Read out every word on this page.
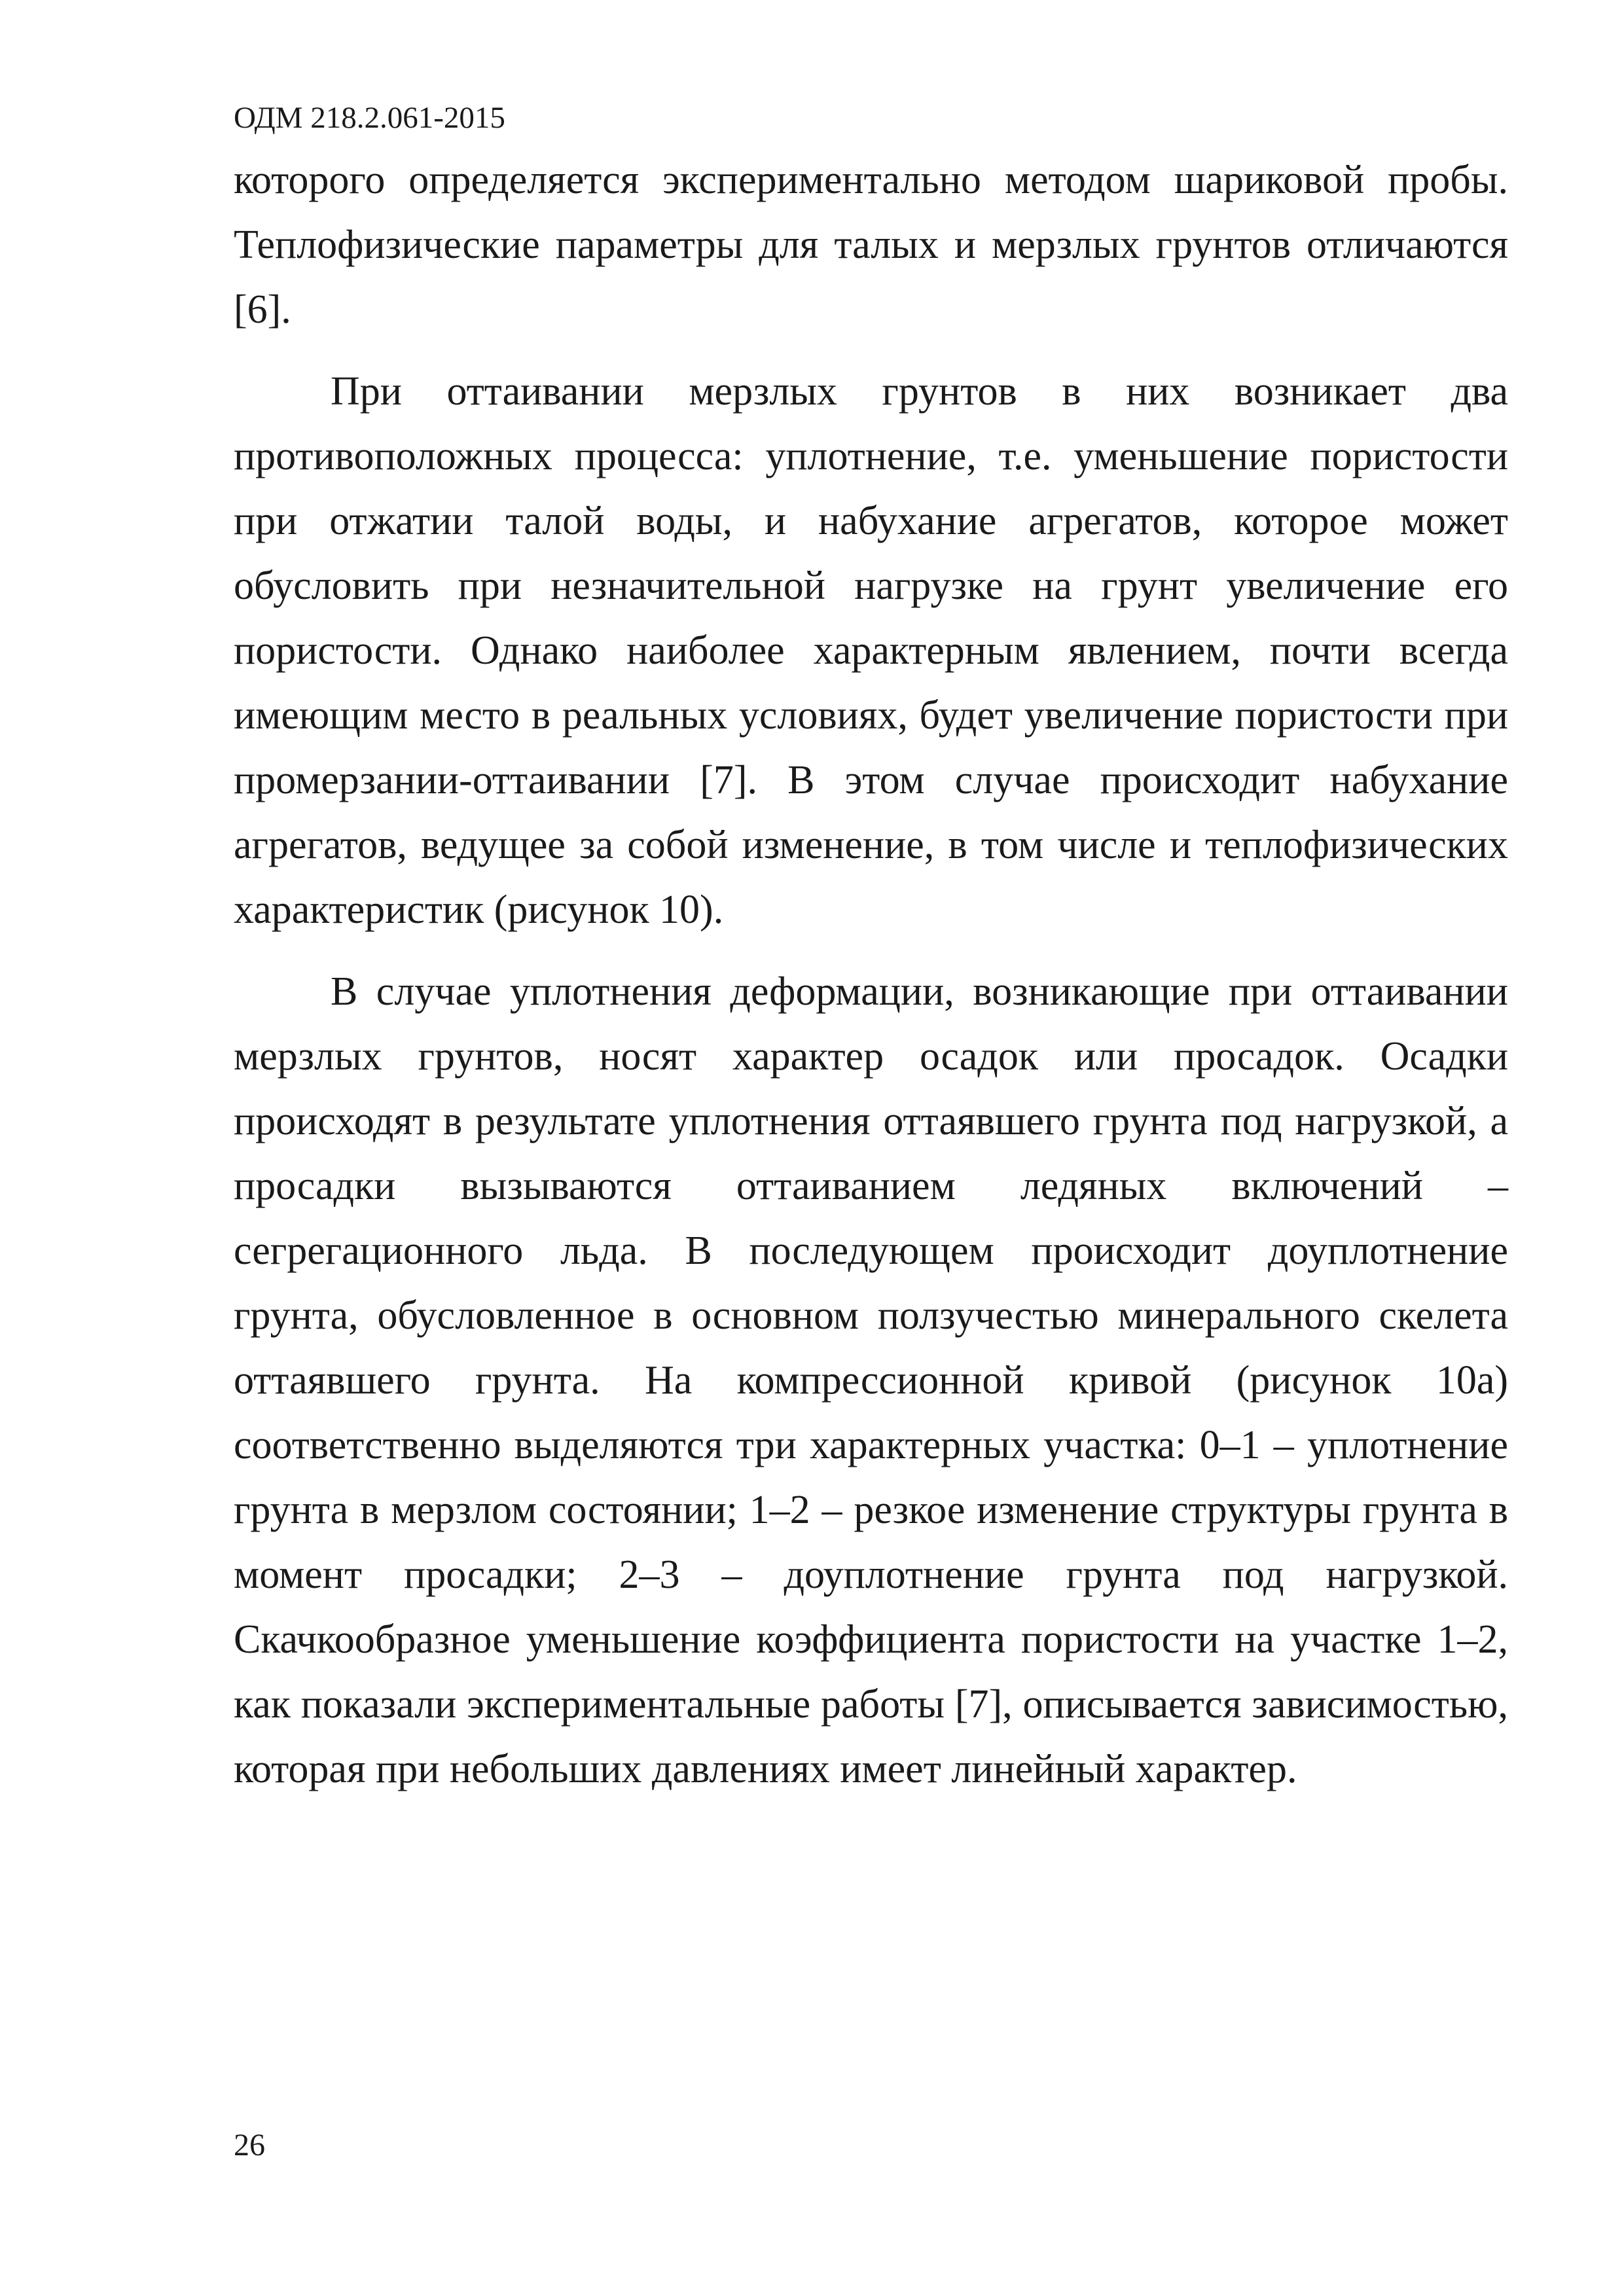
ОДМ 218.2.061-2015

которого определяется экспериментально методом шариковой пробы. Теплофизические параметры для талых и мерзлых грунтов отличаются [6].

При оттаивании мерзлых грунтов в них возникает два противоположных процесса: уплотнение, т.е. уменьшение пористости при отжатии талой воды, и набухание агрегатов, которое может обусловить при незначительной нагрузке на грунт увеличение его пористости. Однако наиболее характерным явлением, почти всегда имеющим место в реальных условиях, будет увеличение пористости при промерзании-оттаивании [7]. В этом случае происходит набухание агрегатов, ведущее за собой изменение, в том числе и теплофизических характеристик (рисунок 10).

В случае уплотнения деформации, возникающие при оттаивании мерзлых грунтов, носят характер осадок или просадок. Осадки происходят в результате уплотнения оттаявшего грунта под нагрузкой, а просадки вызываются оттаиванием ледяных включений – сегрегационного льда. В последующем происходит доуплотнение грунта, обусловленное в основном ползучестью минерального скелета оттаявшего грунта. На компрессионной кривой (рисунок 10а) соответственно выделяются три характерных участка: 0–1 – уплотнение грунта в мерзлом состоянии; 1–2 – резкое изменение структуры грунта в момент просадки; 2–3 – доуплотнение грунта под нагрузкой. Скачкообразное уменьшение коэффициента пористости на участке 1–2, как показали экспериментальные работы [7], описывается зависимостью, которая при небольших давлениях имеет линейный характер.

26
